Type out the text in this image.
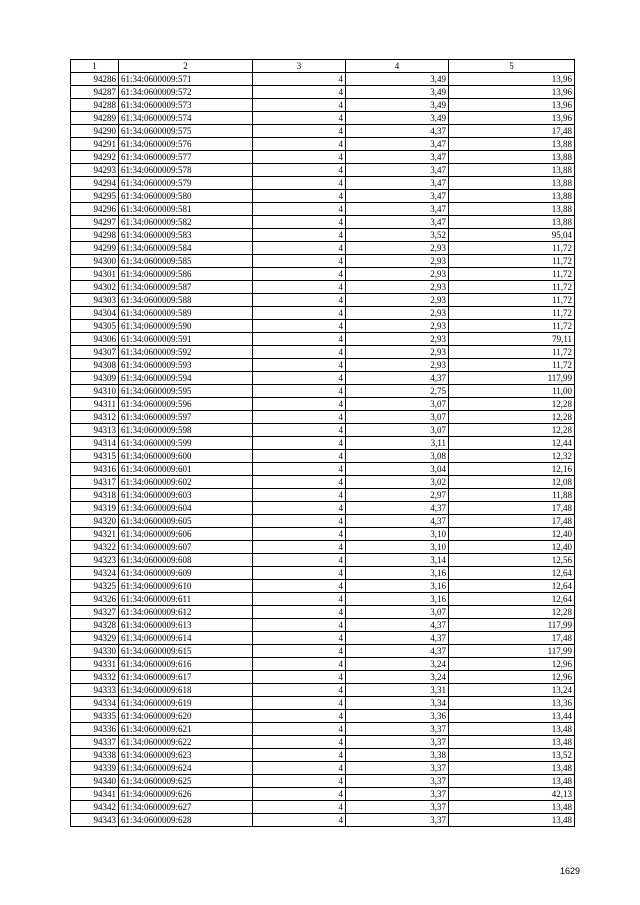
1	2	3	4	5
94286	61:34:0600009:571	4	3,49	13,96
94287	61:34:0600009:572	4	3,49	13,96
94288	61:34:0600009:573	4	3,49	13,96
94289	61:34:0600009:574	4	3,49	13,96
94290	61:34:0600009:575	4	4,37	17,48
94291	61:34:0600009:576	4	3,47	13,88
94292	61:34:0600009:577	4	3,47	13,88
94293	61:34:0600009:578	4	3,47	13,88
94294	61:34:0600009:579	4	3,47	13,88
94295	61:34:0600009:580	4	3,47	13,88
94296	61:34:0600009:581	4	3,47	13,88
94297	61:34:0600009:582	4	3,47	13,88
94298	61:34:0600009:583	4	3,52	95,04
94299	61:34:0600009:584	4	2,93	11,72
94300	61:34:0600009:585	4	2,93	11,72
94301	61:34:0600009:586	4	2,93	11,72
94302	61:34:0600009:587	4	2,93	11,72
94303	61:34:0600009:588	4	2,93	11,72
94304	61:34:0600009:589	4	2,93	11,72
94305	61:34:0600009:590	4	2,93	11,72
94306	61:34:0600009:591	4	2,93	79,11
94307	61:34:0600009:592	4	2,93	11,72
94308	61:34:0600009:593	4	2,93	11,72
94309	61:34:0600009:594	4	4,37	117,99
94310	61:34:0600009:595	4	2,75	11,00
94311	61:34:0600009:596	4	3,07	12,28
94312	61:34:0600009:597	4	3,07	12,28
94313	61:34:0600009:598	4	3,07	12,28
94314	61:34:0600009:599	4	3,11	12,44
94315	61:34:0600009:600	4	3,08	12,32
94316	61:34:0600009:601	4	3,04	12,16
94317	61:34:0600009:602	4	3,02	12,08
94318	61:34:0600009:603	4	2,97	11,88
94319	61:34:0600009:604	4	4,37	17,48
94320	61:34:0600009:605	4	4,37	17,48
94321	61:34:0600009:606	4	3,10	12,40
94322	61:34:0600009:607	4	3,10	12,40
94323	61:34:0600009:608	4	3,14	12,56
94324	61:34:0600009:609	4	3,16	12,64
94325	61:34:0600009:610	4	3,16	12,64
94326	61:34:0600009:611	4	3,16	12,64
94327	61:34:0600009:612	4	3,07	12,28
94328	61:34:0600009:613	4	4,37	117,99
94329	61:34:0600009:614	4	4,37	17,48
94330	61:34:0600009:615	4	4,37	117,99
94331	61:34:0600009:616	4	3,24	12,96
94332	61:34:0600009:617	4	3,24	12,96
94333	61:34:0600009:618	4	3,31	13,24
94334	61:34:0600009:619	4	3,34	13,36
94335	61:34:0600009:620	4	3,36	13,44
94336	61:34:0600009:621	4	3,37	13,48
94337	61:34:0600009:622	4	3,37	13,48
94338	61:34:0600009:623	4	3,38	13,52
94339	61:34:0600009:624	4	3,37	13,48
94340	61:34:0600009:625	4	3,37	13,48
94341	61:34:0600009:626	4	3,37	42,13
94342	61:34:0600009:627	4	3,37	13,48
94343	61:34:0600009:628	4	3,37	13,48
1629
